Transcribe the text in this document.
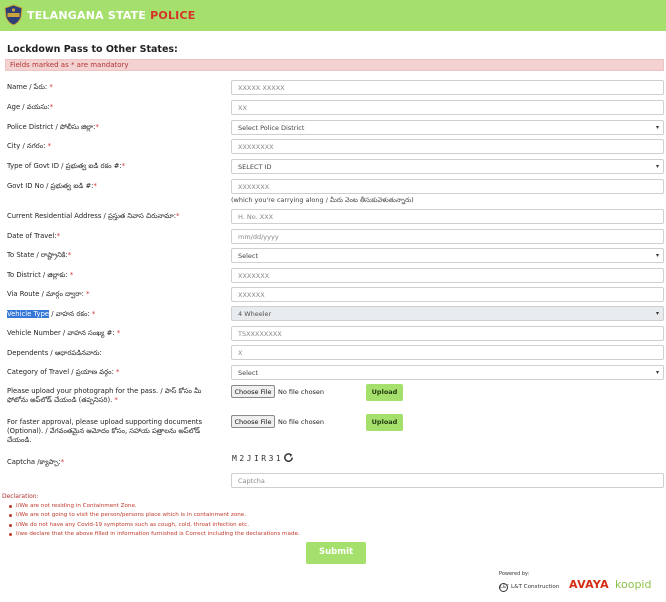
TELANGANA STATE POLICE
Lockdown Pass to Other States:
Fields marked as * are mandatory
Name / పేరు: *	XXXXX XXXXX
Age / వయసు:*	XX
Police District / పోలీసు జిల్లా:*	Select Police District	▾
City / నగరం: *	XXXXXXXX
Type of Govt ID / ప్రభుత్వ ఐడి రకం #:*	SELECT ID	▾
Govt ID No / ప్రభుత్వ ఐడి #:*	XXXXXXX
(which you're carrying along / మీరు వెంట తీసుకువెళుతున్నారు)
Current Residential Address / ప్రస్తుత నివాస చిరునామా:*	H. No. XXX
Date of Travel:*	mm/dd/yyyy
To State / రాష్ట్రానికి:*	Select	▾
To District / జిల్లాకు: *	XXXXXXX
Via Route / మార్గం ద్వారా: *	XXXXXX
Vehicle Type / వాహన రకం: *	4 Wheeler	▾
Vehicle Number / వాహన సంఖ్య #: *	TSXXXXXXXX
Dependents / ఆధారపడినవారు:	X
Category of Travel / ప్రయాణ వర్గం: *	Select	▾
Please upload your photograph for the pass. / పాస్ కోసం మీ ఫోటోను అప్‌లోడ్ చేయండి (తప్పనిసరి). *
Choose File	No file chosen	Upload
For faster approval, please upload supporting documents (Optional). / వేగవంతమైన ఆమోదం కోసం, సహాయ పత్రాలను అప్‌లోడ్ చేయండి.
Choose File	No file chosen	Upload
Captcha /క్యాప్చా:*	M2JIR31
Captcha
Declaration:
I/We are not residing in Containment Zone.
I/We are not going to visit the person/persons place which is in containment zone.
I/We do not have any Covid-19 symptoms such as cough, cold, throat infection etc.
I/we declare that the above filled in information furnished is Correct including the declarations made.
Submit
Powered by:
L&T L&T Construction AVAYA koopid
